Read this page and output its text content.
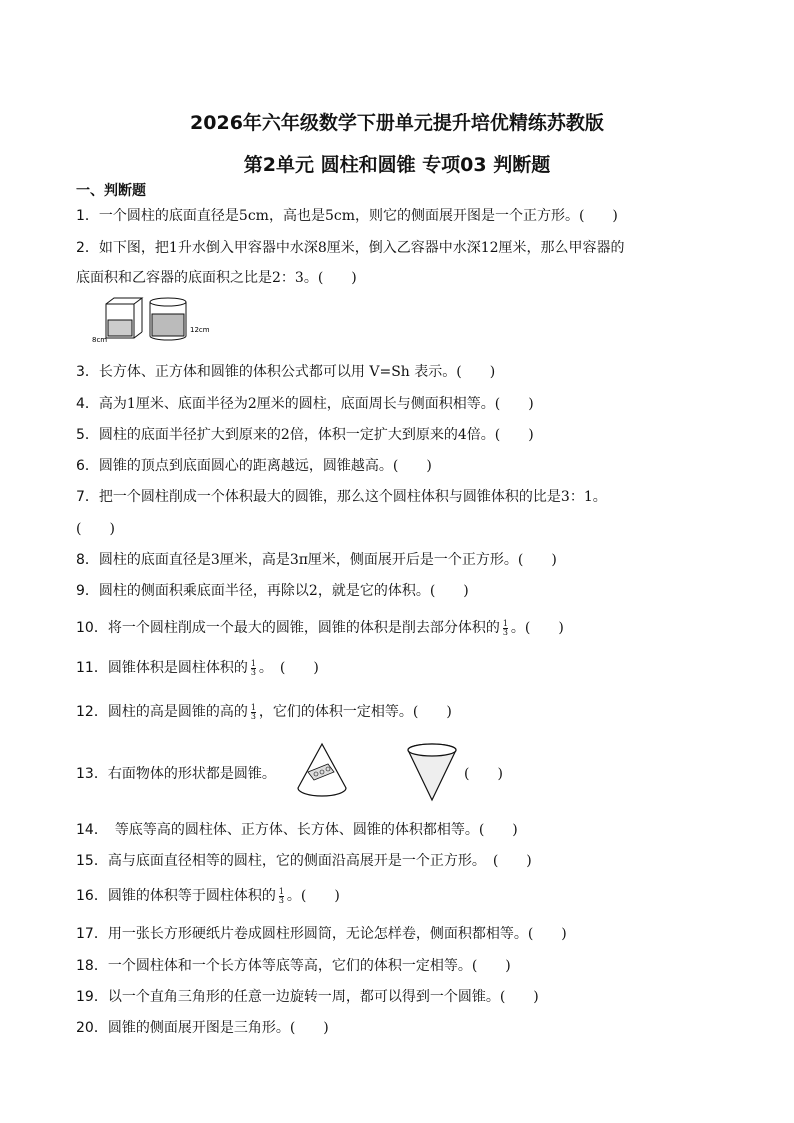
2026年六年级数学下册单元提升培优精练苏教版
第2单元 圆柱和圆锥 专项03 判断题
一、判断题
1．一个圆柱的底面直径是5cm，高也是5cm，则它的侧面展开图是一个正方形。(　　)
2．如下图，把1升水倒入甲容器中水深8厘米，倒入乙容器中水深12厘米，那么甲容器的
底面积和乙容器的底面积之比是2：3。(　　)
8cm
12cm
3．长方体、正方体和圆锥的体积公式都可以用 V=Sh 表示。(　　)
4．高为1厘米、底面半径为2厘米的圆柱，底面周长与侧面积相等。(　　)
5．圆柱的底面半径扩大到原来的2倍，体积一定扩大到原来的4倍。(　　)
6．圆锥的顶点到底面圆心的距离越远，圆锥越高。(　　)
7．把一个圆柱削成一个体积最大的圆锥，那么这个圆柱体积与圆锥体积的比是3：1。
(　　)
8．圆柱的底面直径是3厘米，高是3π厘米，侧面展开后是一个正方形。(　　)
9．圆柱的侧面积乘底面半径，再除以2，就是它的体积。(　　)
10．将一个圆柱削成一个最大的圆锥，圆锥的体积是削去部分体积的 $\frac{1}{3}$ 。(　　)
11．圆锥体积是圆柱体积的 $\frac{1}{3}$ 。　(　　)
12．圆柱的高是圆锥的高的 $\frac{1}{3}$ ，它们的体积一定相等。(　　)
13．右面物体的形状都是圆锥。	(　　)
14．　等底等高的圆柱体、正方体、长方体、圆锥的体积都相等。(　　)
15．高与底面直径相等的圆柱，它的侧面沿高展开是一个正方形。　(　　)
16．圆锥的体积等于圆柱体积的 $\frac{1}{3}$ 。(　　)
17．用一张长方形硬纸片卷成圆柱形圆筒，无论怎样卷，侧面积都相等。(　　)
18．一个圆柱体和一个长方体等底等高，它们的体积一定相等。(　　)
19．以一个直角三角形的任意一边旋转一周，都可以得到一个圆锥。(　　)
20．圆锥的侧面展开图是三角形。(　　)
